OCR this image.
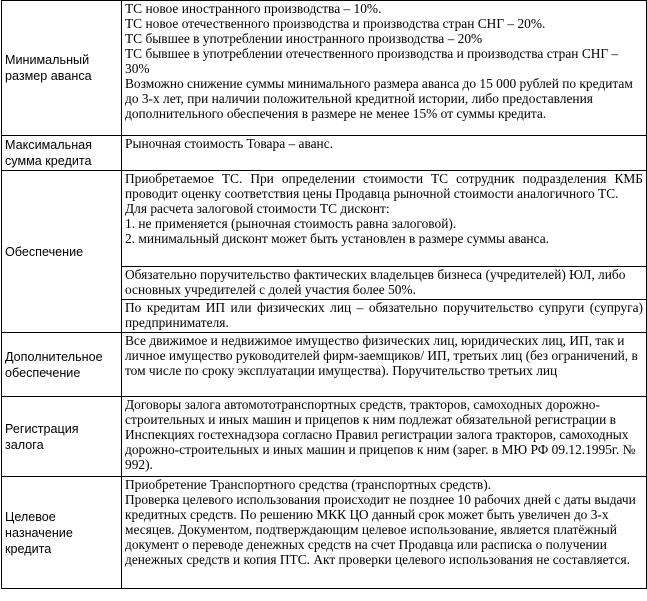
Минимальный размер аванса	ТС новое иностранного производства – 10%.
ТС новое отечественного производства и производства стран СНГ – 20%.
ТС бывшее в употреблении иностранного производства – 20%
ТС бывшее в употреблении отечественного производства и производства стран СНГ – 30%
Возможно снижение суммы минимального размера аванса до 15 000 рублей по кредитам до 3-х лет, при наличии положительной кредитной истории, либо предоставления дополнительного обеспечения в размере не менее 15% от суммы кредита.

Максимальная сумма кредита	Рыночная стоимость Товара – аванс.

Обеспечение	Приобретаемое ТС. При определении стоимости ТС сотрудник подразделения КМБ проводит оценку соответствия цены Продавца рыночной стоимости аналогичного ТС.
Для расчета залоговой стоимости ТС дисконт:
1. не применяется (рыночная стоимость равна залоговой).
2. минимальный дисконт может быть установлен в размере суммы аванса.

	Обязательно поручительство фактических владельцев бизнеса (учредителей) ЮЛ, либо основных учредителей с долей участия более 50%.

	По кредитам ИП или физических лиц – обязательно поручительство супруги (супруга) предпринимателя.

Дополнительное обеспечение	Все движимое и недвижимое имущество физических лиц, юридических лиц, ИП, так и личное имущество руководителей фирм-заемщиков/ ИП, третьих лиц (без ограничений, в том числе по сроку эксплуатации имущества). Поручительство третьих лиц

Регистрация залога	Договоры залога автомототранспортных средств, тракторов, самоходных дорожно-строительных и иных машин и прицепов к ним подлежат обязательной регистрации в Инспекциях гостехнадзора согласно Правил регистрации залога тракторов, самоходных дорожно-строительных и иных машин и прицепов к ним (зарег. в МЮ РФ 09.12.1995г. № 992).

Целевое назначение кредита	Приобретение Транспортного средства (транспортных средств).
Проверка целевого использования происходит не позднее 10 рабочих дней с даты выдачи кредитных средств. По решению МКК ЦО данный срок может быть увеличен до 3-х месяцев. Документом, подтверждающим целевое использование, является платёжный документ о переводе денежных средств на счет Продавца или расписка о получении денежных средств и копия ПТС. Акт проверки целевого использования не составляется.
